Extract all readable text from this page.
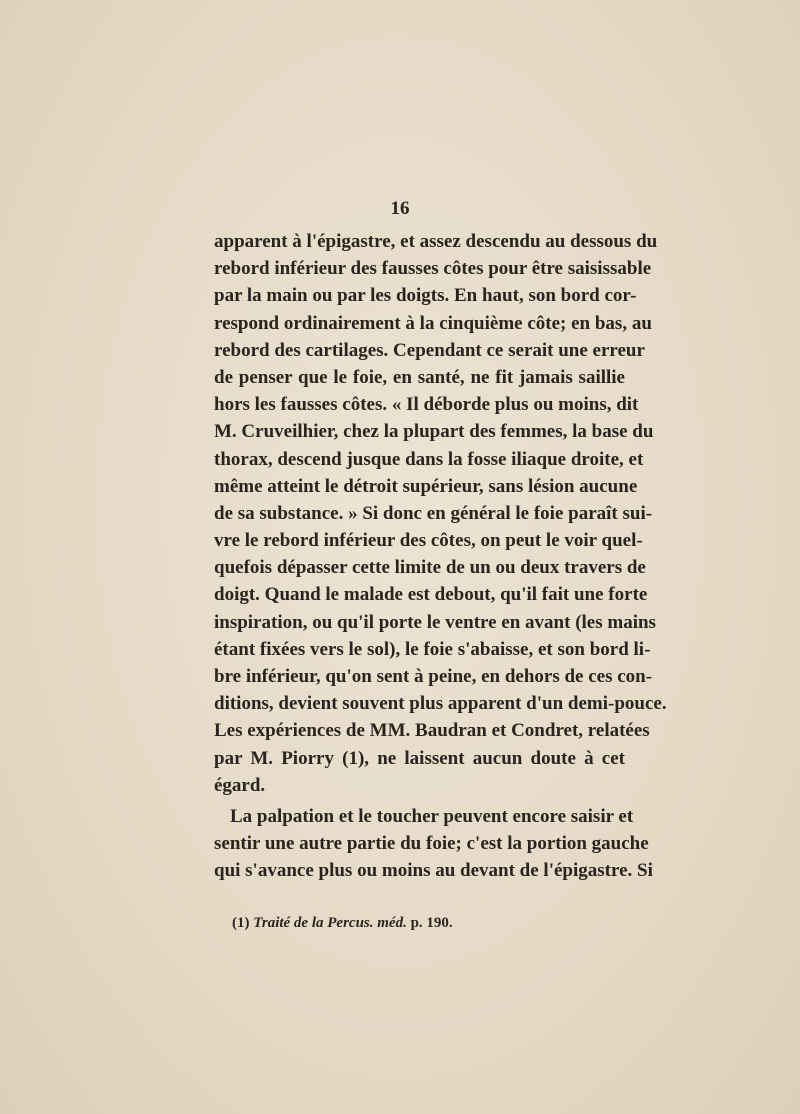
16
apparent à l'épigastre, et assez descendu au dessous du
rebord inférieur des fausses côtes pour être saisissable
par la main ou par les doigts. En haut, son bord cor-
respond ordinairement à la cinquième côte; en bas, au
rebord des cartilages. Cependant ce serait une erreur
de penser que le foie, en santé, ne fit jamais saillie
hors les fausses côtes. « Il déborde plus ou moins, dit
M. Cruveilhier, chez la plupart des femmes, la base du
thorax, descend jusque dans la fosse iliaque droite, et
même atteint le détroit supérieur, sans lésion aucune
de sa substance. » Si donc en général le foie paraît sui-
vre le rebord inférieur des côtes, on peut le voir quel-
quefois dépasser cette limite de un ou deux travers de
doigt. Quand le malade est debout, qu'il fait une forte
inspiration, ou qu'il porte le ventre en avant (les mains
étant fixées vers le sol), le foie s'abaisse, et son bord li-
bre inférieur, qu'on sent à peine, en dehors de ces con-
ditions, devient souvent plus apparent d'un demi-pouce.
Les expériences de MM. Baudran et Condret, relatées
par M. Piorry (1), ne laissent aucun doute à cet
égard.
La palpation et le toucher peuvent encore saisir et
sentir une autre partie du foie; c'est la portion gauche
qui s'avance plus ou moins au devant de l'épigastre. Si
(1) Traité de la Percus. méd. p. 190.
